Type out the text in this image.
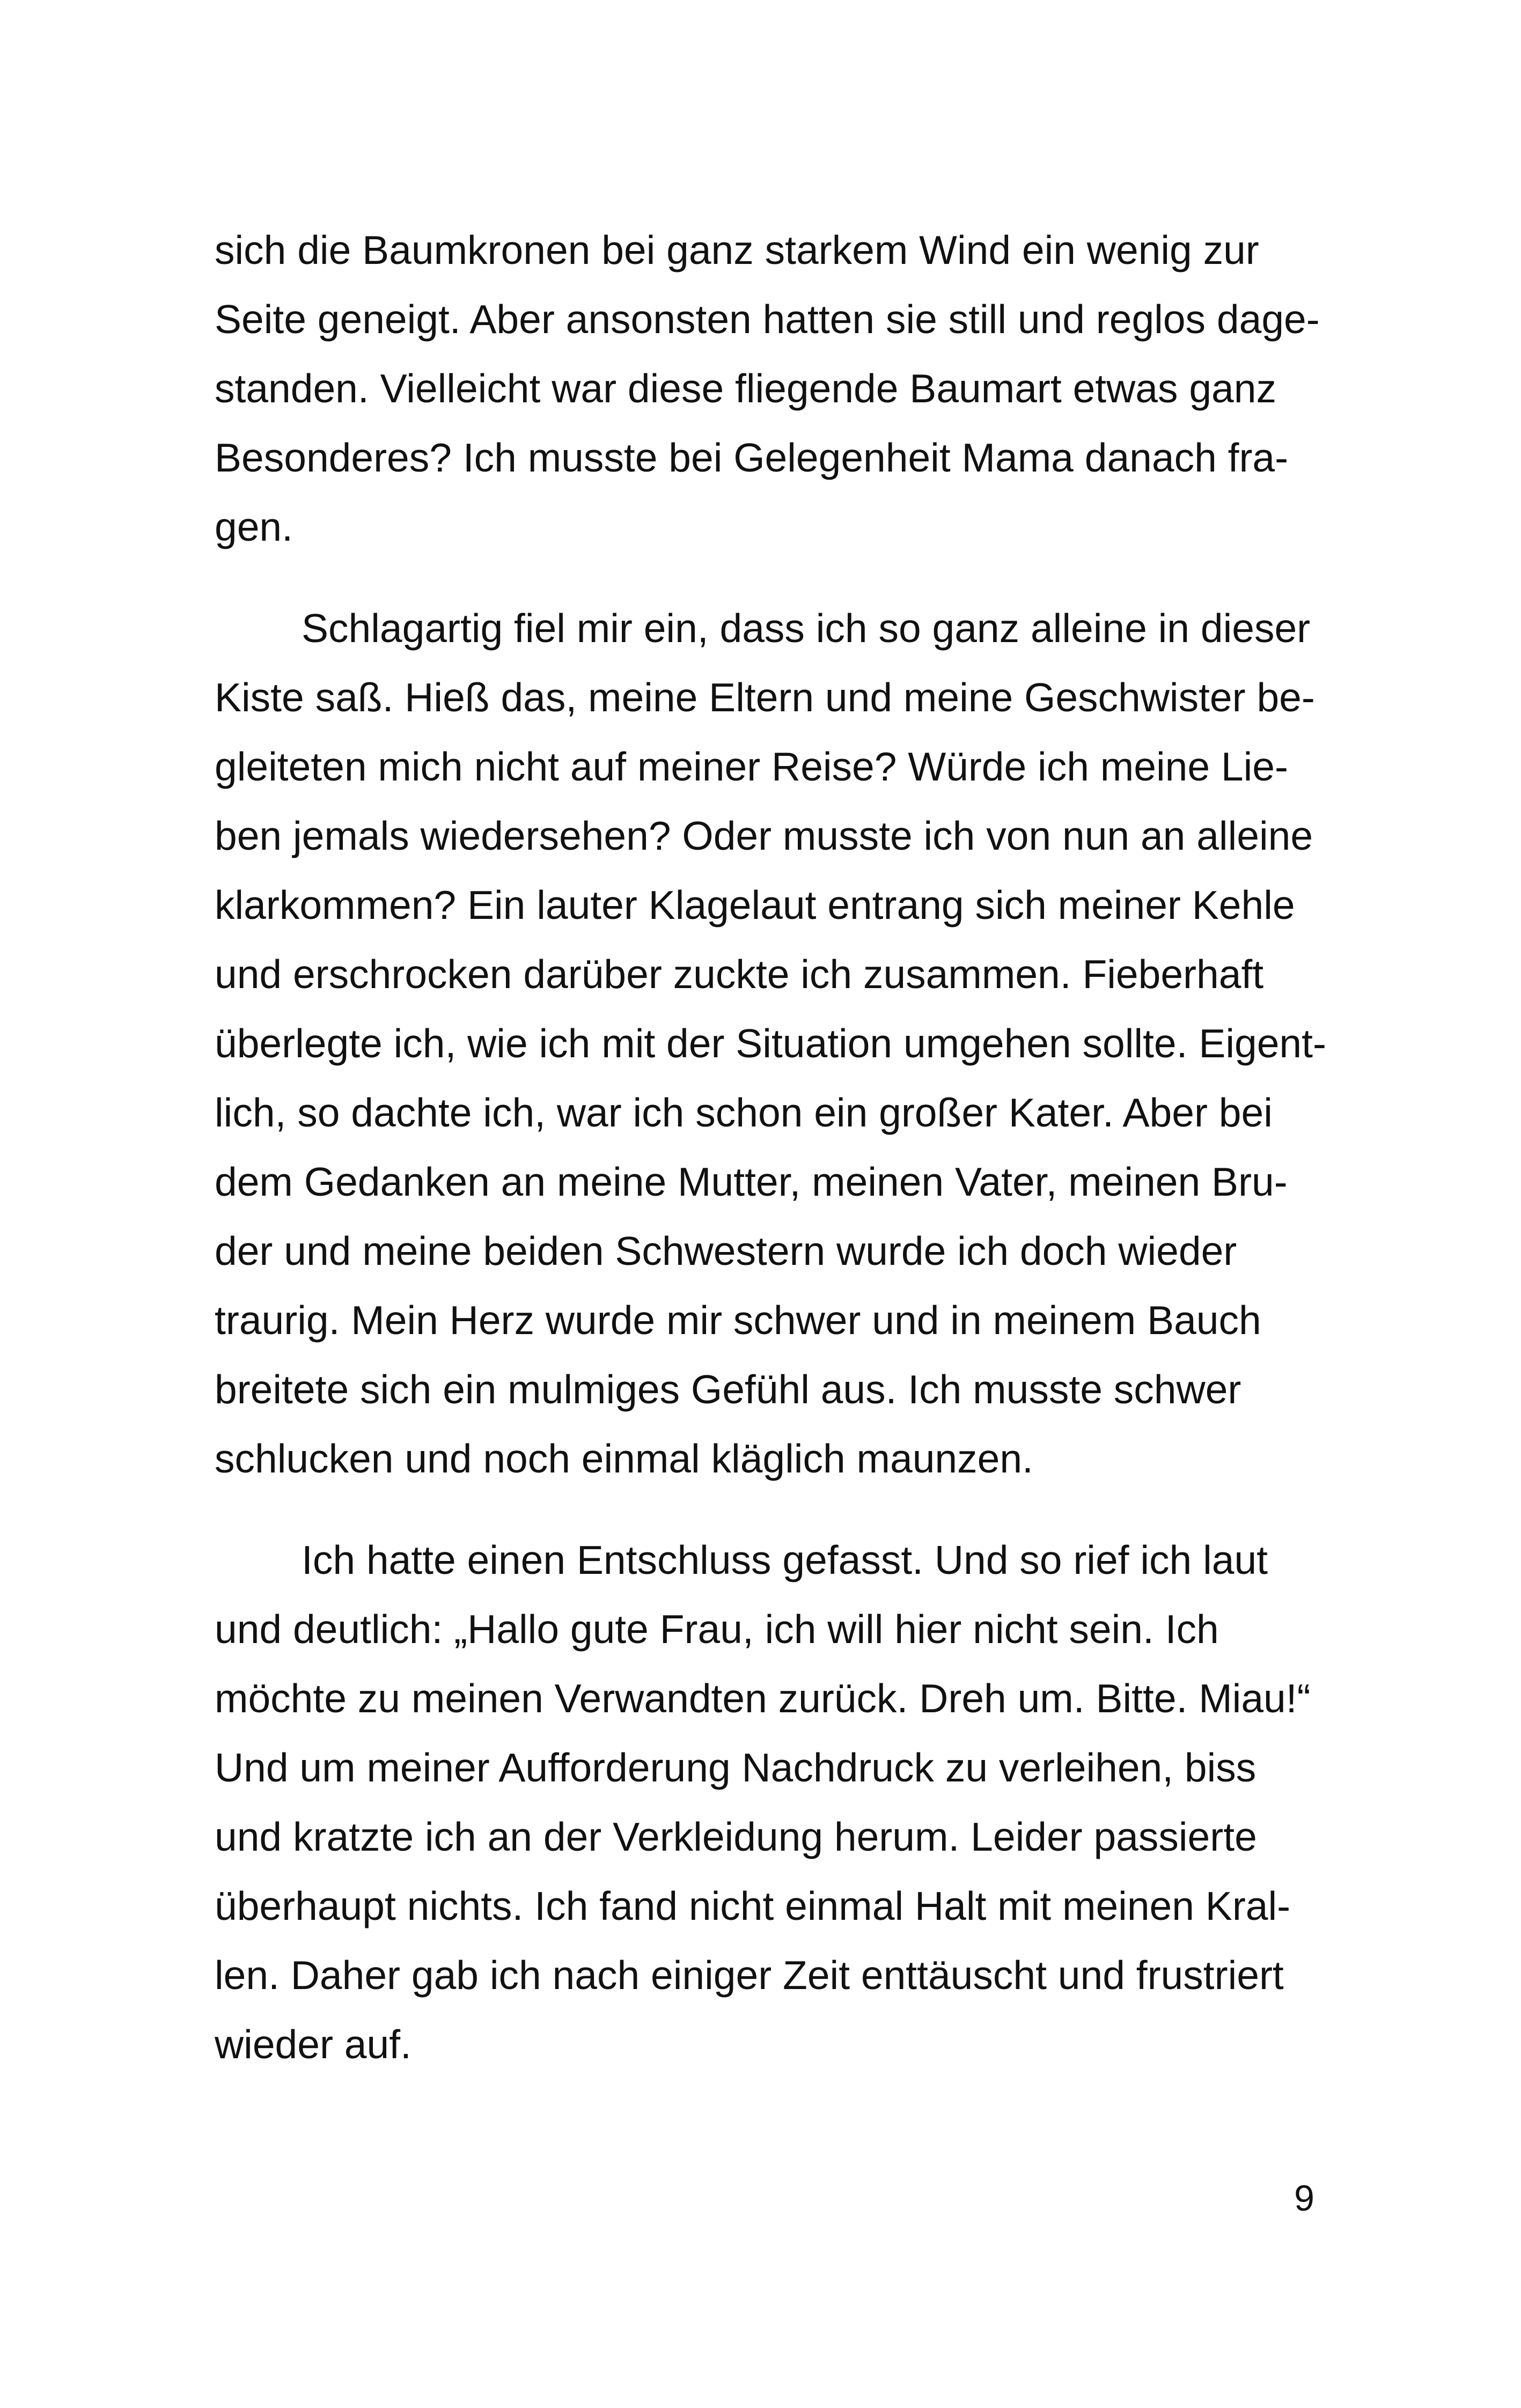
sich die Baumkronen bei ganz starkem Wind ein wenig zur
Seite geneigt. Aber ansonsten hatten sie still und reglos dage-
standen. Vielleicht war diese fliegende Baumart etwas ganz
Besonderes? Ich musste bei Gelegenheit Mama danach fra-
gen.

Schlagartig fiel mir ein, dass ich so ganz alleine in dieser
Kiste saß. Hieß das, meine Eltern und meine Geschwister be-
gleiteten mich nicht auf meiner Reise? Würde ich meine Lie-
ben jemals wiedersehen? Oder musste ich von nun an alleine
klarkommen? Ein lauter Klagelaut entrang sich meiner Kehle
und erschrocken darüber zuckte ich zusammen. Fieberhaft
überlegte ich, wie ich mit der Situation umgehen sollte. Eigent-
lich, so dachte ich, war ich schon ein großer Kater. Aber bei
dem Gedanken an meine Mutter, meinen Vater, meinen Bru-
der und meine beiden Schwestern wurde ich doch wieder
traurig. Mein Herz wurde mir schwer und in meinem Bauch
breitete sich ein mulmiges Gefühl aus. Ich musste schwer
schlucken und noch einmal kläglich maunzen.

Ich hatte einen Entschluss gefasst. Und so rief ich laut
und deutlich: „Hallo gute Frau, ich will hier nicht sein. Ich
möchte zu meinen Verwandten zurück. Dreh um. Bitte. Miau!“
Und um meiner Aufforderung Nachdruck zu verleihen, biss
und kratzte ich an der Verkleidung herum. Leider passierte
überhaupt nichts. Ich fand nicht einmal Halt mit meinen Kral-
len. Daher gab ich nach einiger Zeit enttäuscht und frustriert
wieder auf.

9
